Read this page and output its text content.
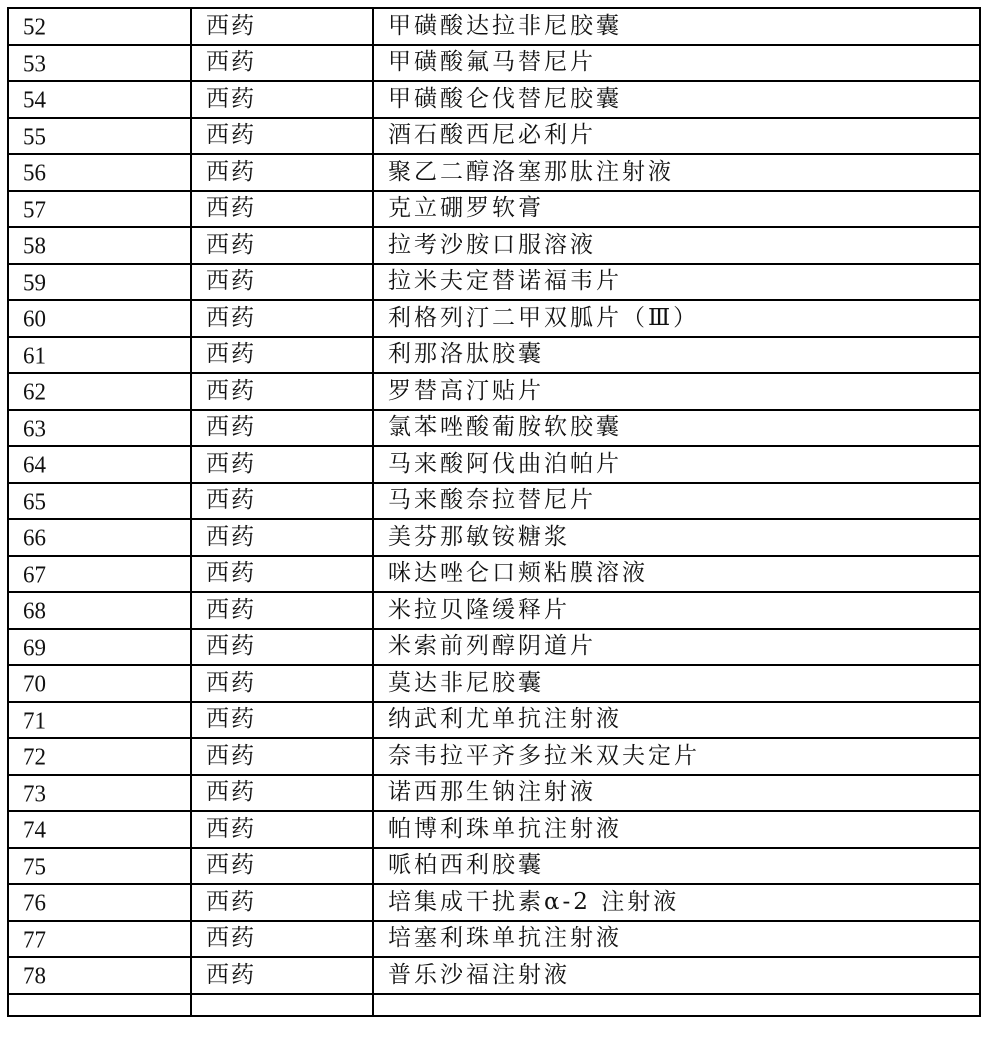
52	西药	甲磺酸达拉非尼胶囊
53	西药	甲磺酸氟马替尼片
54	西药	甲磺酸仑伐替尼胶囊
55	西药	酒石酸西尼必利片
56	西药	聚乙二醇洛塞那肽注射液
57	西药	克立硼罗软膏
58	西药	拉考沙胺口服溶液
59	西药	拉米夫定替诺福韦片
60	西药	利格列汀二甲双胍片（Ⅲ）
61	西药	利那洛肽胶囊
62	西药	罗替高汀贴片
63	西药	氯苯唑酸葡胺软胶囊
64	西药	马来酸阿伐曲泊帕片
65	西药	马来酸奈拉替尼片
66	西药	美芬那敏铵糖浆
67	西药	咪达唑仑口颊粘膜溶液
68	西药	米拉贝隆缓释片
69	西药	米索前列醇阴道片
70	西药	莫达非尼胶囊
71	西药	纳武利尤单抗注射液
72	西药	奈韦拉平齐多拉米双夫定片
73	西药	诺西那生钠注射液
74	西药	帕博利珠单抗注射液
75	西药	哌柏西利胶囊
76	西药	培集成干扰素α-2 注射液
77	西药	培塞利珠单抗注射液
78	西药	普乐沙福注射液
